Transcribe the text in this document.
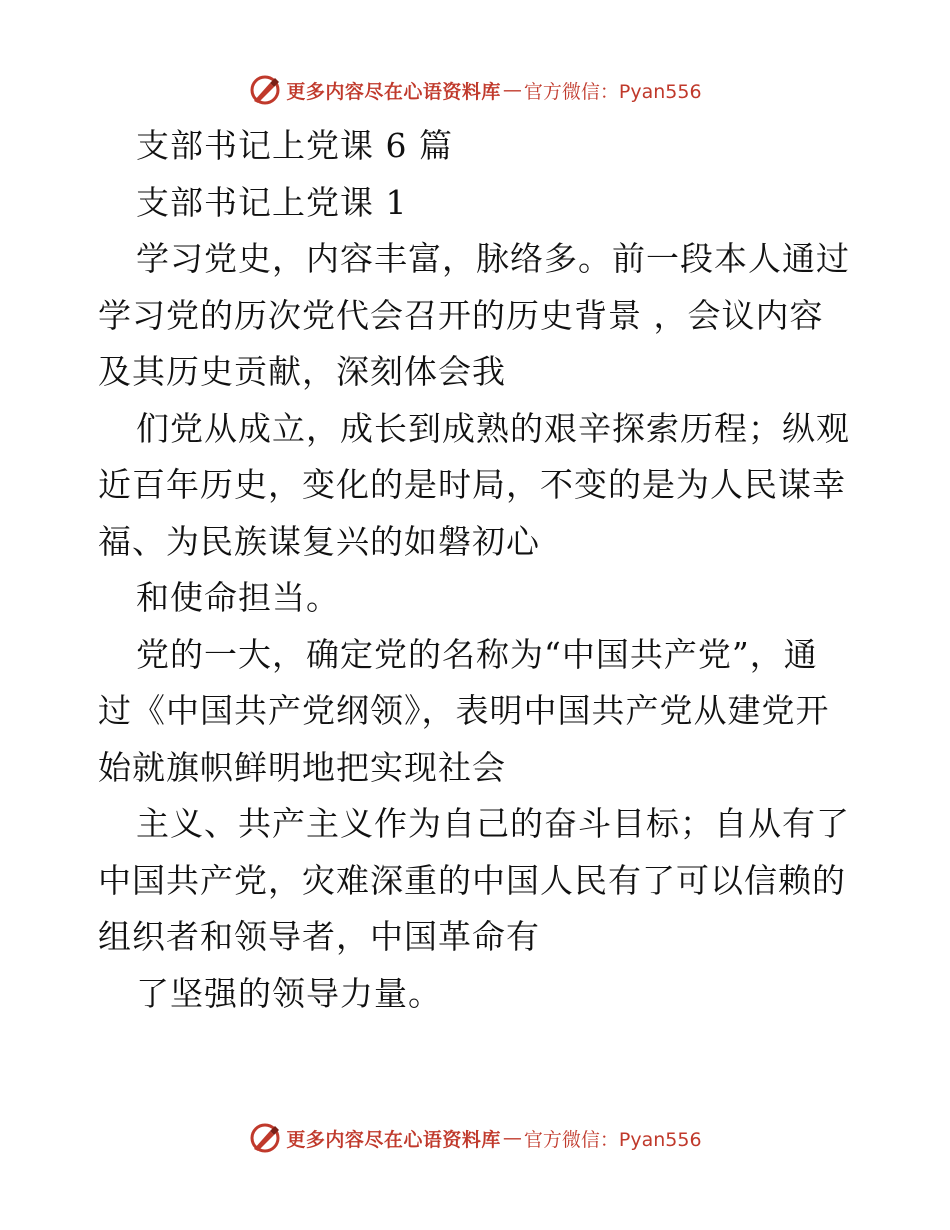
更多内容尽在心语资料库 — 官方微信：Pyan556
支部书记上党课 6 篇
支部书记上党课 1
学习党史，内容丰富，脉络多。前一段本人通过
学习党的历次党代会召开的历史背景 ，会议内容
及其历史贡献，深刻体会我
们党从成立，成长到成熟的艰辛探索历程；纵观
近百年历史，变化的是时局，不变的是为人民谋幸
福、为民族谋复兴的如磐初心
和使命担当。
党的一大，确定党的名称为“中国共产党”，通
过《中国共产党纲领》，表明中国共产党从建党开
始就旗帜鲜明地把实现社会
主义、共产主义作为自己的奋斗目标；自从有了
中国共产党，灾难深重的中国人民有了可以信赖的
组织者和领导者，中国革命有
了坚强的领导力量。
更多内容尽在心语资料库 — 官方微信：Pyan556
